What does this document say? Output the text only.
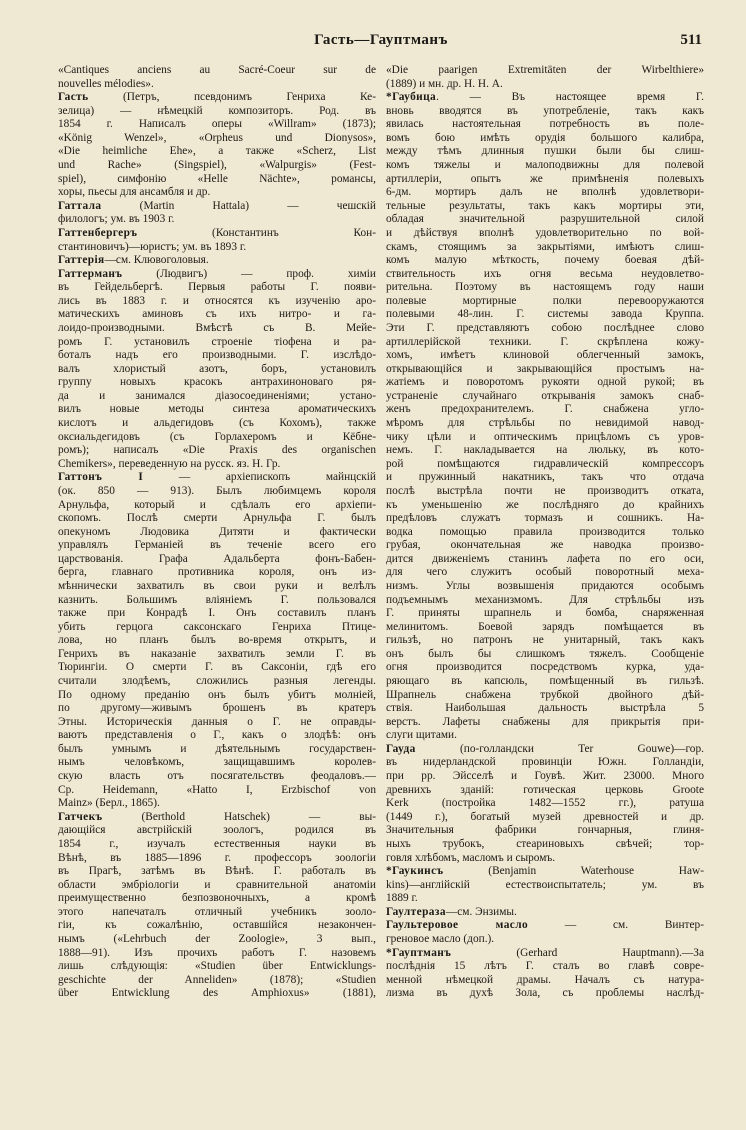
Гасть—Гауптманъ	511
«Cantiques anciens au Sacré-Coeur sur de
nouvelles mélodies».
Гасть (Петръ, псевдонимъ Генриха Ке-
зелица) — нѣмецкій композиторъ. Род. въ
1854 г. Написалъ оперы «Willram» (1873);
«König Wenzel», «Orpheus und Dionysos»,
«Die heimliche Ehe», а также «Scherz, List
und Rache» (Singspiel), «Walpurgis» (Fest-
spiel), симфонію «Helle Nächte», романсы,
хоры, пьесы для ансамбля и др.
Гаттала (Martin Hattala) — чешскій
филологъ; ум. въ 1903 г.
Гаттенбергеръ (Константинъ Кон-
стантиновичъ)—юристъ; ум. въ 1893 г.
Гаттерія—см. Клювоголовыя.
Гаттерманъ (Людвигъ) — проф. химіи
въ Гейдельбергѣ. Первыя работы Г. появи-
лись въ 1883 г. и относятся къ изученію аро-
матическихъ аминовъ съ ихъ нитро- и га-
лоидо-производными. Вмѣстѣ съ В. Мейе-
ромъ Г. установилъ строеніе тіофена и ра-
боталъ надъ его производными. Г. изслѣдо-
валъ хлористый азотъ, боръ, установилъ
группу новыхъ красокъ антрахиноноваго ря-
да и занимался діазосоединеніями; устано-
вилъ новые методы синтеза ароматическихъ
кислотъ и альдегидовъ (съ Кохомъ), также
оксиальдегидовъ (съ Горлахеромъ и Кёбне-
ромъ); написалъ «Die Praxis des organischen
Chemikers», переведенную на русск. яз. Н. Гр.
Гаттонъ I — архіепископъ майнцскій
(ок. 850 — 913). Былъ любимцемъ короля
Арнульфа, который и сдѣлалъ его архіепи-
скопомъ. Послѣ смерти Арнульфа Г. былъ
опекуномъ Людовика Дитяти и фактически
управлялъ Германіей въ теченіе всего его
царствованія. Графа Адальберта фонъ-Бабен-
берга, главнаго противника короля, онъ из-
мѣннически захватилъ въ свои руки и велѣлъ
казнить. Большимъ вліяніемъ Г. пользовался
также при Конрадѣ I. Онъ составилъ планъ
убить герцога саксонскаго Генриха Птице-
лова, но планъ былъ во-время открытъ, и
Генрихъ въ наказаніе захватилъ земли Г. въ
Тюрингіи. О смерти Г. въ Саксоніи, гдѣ его
считали злодѣемъ, сложились разныя легенды.
По одному преданію онъ былъ убитъ молніей,
по другому—живымъ брошенъ въ кратеръ
Этны. Историческія данныя о Г. не оправды-
ваютъ представленія о Г., какъ о злодѣѣ: онъ
былъ умнымъ и дѣятельнымъ государствен-
нымъ человѣкомъ, защищавшимъ королев-
скую власть отъ посягательствъ феодаловъ.—
Ср. Heidemann, «Hatto I, Erzbischof von
Mainz» (Берл., 1865).
Гатчекъ (Berthold Hatschek) — вы-
дающійся австрійскій зоологъ, родился въ
1854 г., изучалъ естественныя науки въ
Вѣнѣ, въ 1885—1896 г. профессоръ зоологіи
въ Прагѣ, затѣмъ въ Вѣнѣ. Г. работалъ въ
области эмбріологіи и сравнительной анатоміи
преимущественно безпозвоночныхъ, а кромѣ
этого напечаталъ отличный учебникъ зооло-
гіи, къ сожалѣнію, оставшійся незакончен-
нымъ («Lehrbuch der Zoologie», 3 вып.,
1888—91). Изъ прочихъ работъ Г. назовемъ
лишь слѣдующія: «Studien über Entwicklungs-
geschichte der Anneliden» (1878); «Studien
über Entwicklung des Amphioxus» (1881),
«Die paarigen Extremitäten der Wirbelthiere»
(1889) и мн. др. Н. Н. А.
*Гаубица. — Въ настоящее время Г.
вновь вводятся въ употребленіе, такъ какъ
явилась настоятельная потребность въ поле-
вомъ бою имѣть орудія большого калибра,
между тѣмъ длинныя пушки были бы слиш-
комъ тяжелы и малоподвижны для полевой
артиллеріи, опытъ же примѣненія полевыхъ
6-дм. мортиръ далъ не вполнѣ удовлетвори-
тельные результаты, такъ какъ мортиры эти,
обладая значительной разрушительной силой
и дѣйствуя вполнѣ удовлетворительно по вой-
скамъ, стоящимъ за закрытіями, имѣютъ слиш-
комъ малую мѣткость, почему боевая дѣй-
ствительность ихъ огня весьма неудовлетво-
рительна. Поэтому въ настоящемъ году наши
полевые мортирные полки перевооружаются
полевыми 48-лин. Г. системы завода Круппа.
Эти Г. представляютъ собою послѣднее слово
артиллерійской техники. Г. скрѣплена кожу-
хомъ, имѣетъ клиновой облегченный замокъ,
открывающійся и закрывающійся простымъ на-
жатіемъ и поворотомъ рукояти одной рукой; въ
устраненіе случайнаго открыванія замокъ снаб-
женъ предохранителемъ. Г. снабжена угло-
мѣромъ для стрѣльбы по невидимой навод-
чику цѣли и оптическимъ прицѣломъ съ уров-
немъ. Г. накладывается на люльку, въ кото-
рой помѣщаются гидравлическій компрессоръ
и пружинный накатникъ, такъ что отдача
послѣ выстрѣла почти не производитъ отката,
къ уменьшенію же послѣдняго до крайнихъ
предѣловъ служатъ тормазъ и сошникъ. На-
водка помощью правила производится только
грубая, окончательная же наводка произво-
дится движеніемъ станинъ лафета по его оси,
для чего служитъ особый поворотный меха-
низмъ. Углы возвышенія придаются особымъ
подъемнымъ механизмомъ. Для стрѣльбы изъ
Г. приняты шрапнель и бомба, снаряженная
мелинитомъ. Боевой зарядъ помѣщается въ
гильзѣ, но патронъ не унитарный, такъ какъ
онъ былъ бы слишкомъ тяжелъ. Сообщеніе
огня производится посредствомъ курка, уда-
ряющаго въ капсюль, помѣщенный въ гильзѣ.
Шрапнель снабжена трубкой двойного дѣй-
ствія. Наибольшая дальность выстрѣла 5
верстъ. Лафеты снабжены для прикрытія при-
слуги щитами.
Гауда (по-голландски Ter Gouwe)—гор.
въ нидерландской провинціи Южн. Голландіи,
при рр. Эйсселѣ и Гоувѣ. Жит. 23000. Много
древнихъ зданій: готическая церковь Groote
Kerk (постройка 1482—1552 гг.), ратуша
(1449 г.), богатый музей древностей и др.
Значительныя фабрики гончарныя, глиня-
ныхъ трубокъ, стеариновыхъ свѣчей; тор-
говля хлѣбомъ, масломъ и сыромъ.
*Гаукинсъ (Benjamin Waterhouse Haw-
kins)—англійскій естествоиспытатель; ум. въ
1889 г.
Гаултераза—см. Энзимы.
Гаультеровое масло — см. Винтер-
греновое масло (доп.).
*Гауптманъ (Gerhard Hauptmann).—За
послѣднія 15 лѣтъ Г. сталъ во главѣ совре-
менной нѣмецкой драмы. Началъ съ натура-
лизма въ духѣ Зола, съ проблемы наслѣд-
